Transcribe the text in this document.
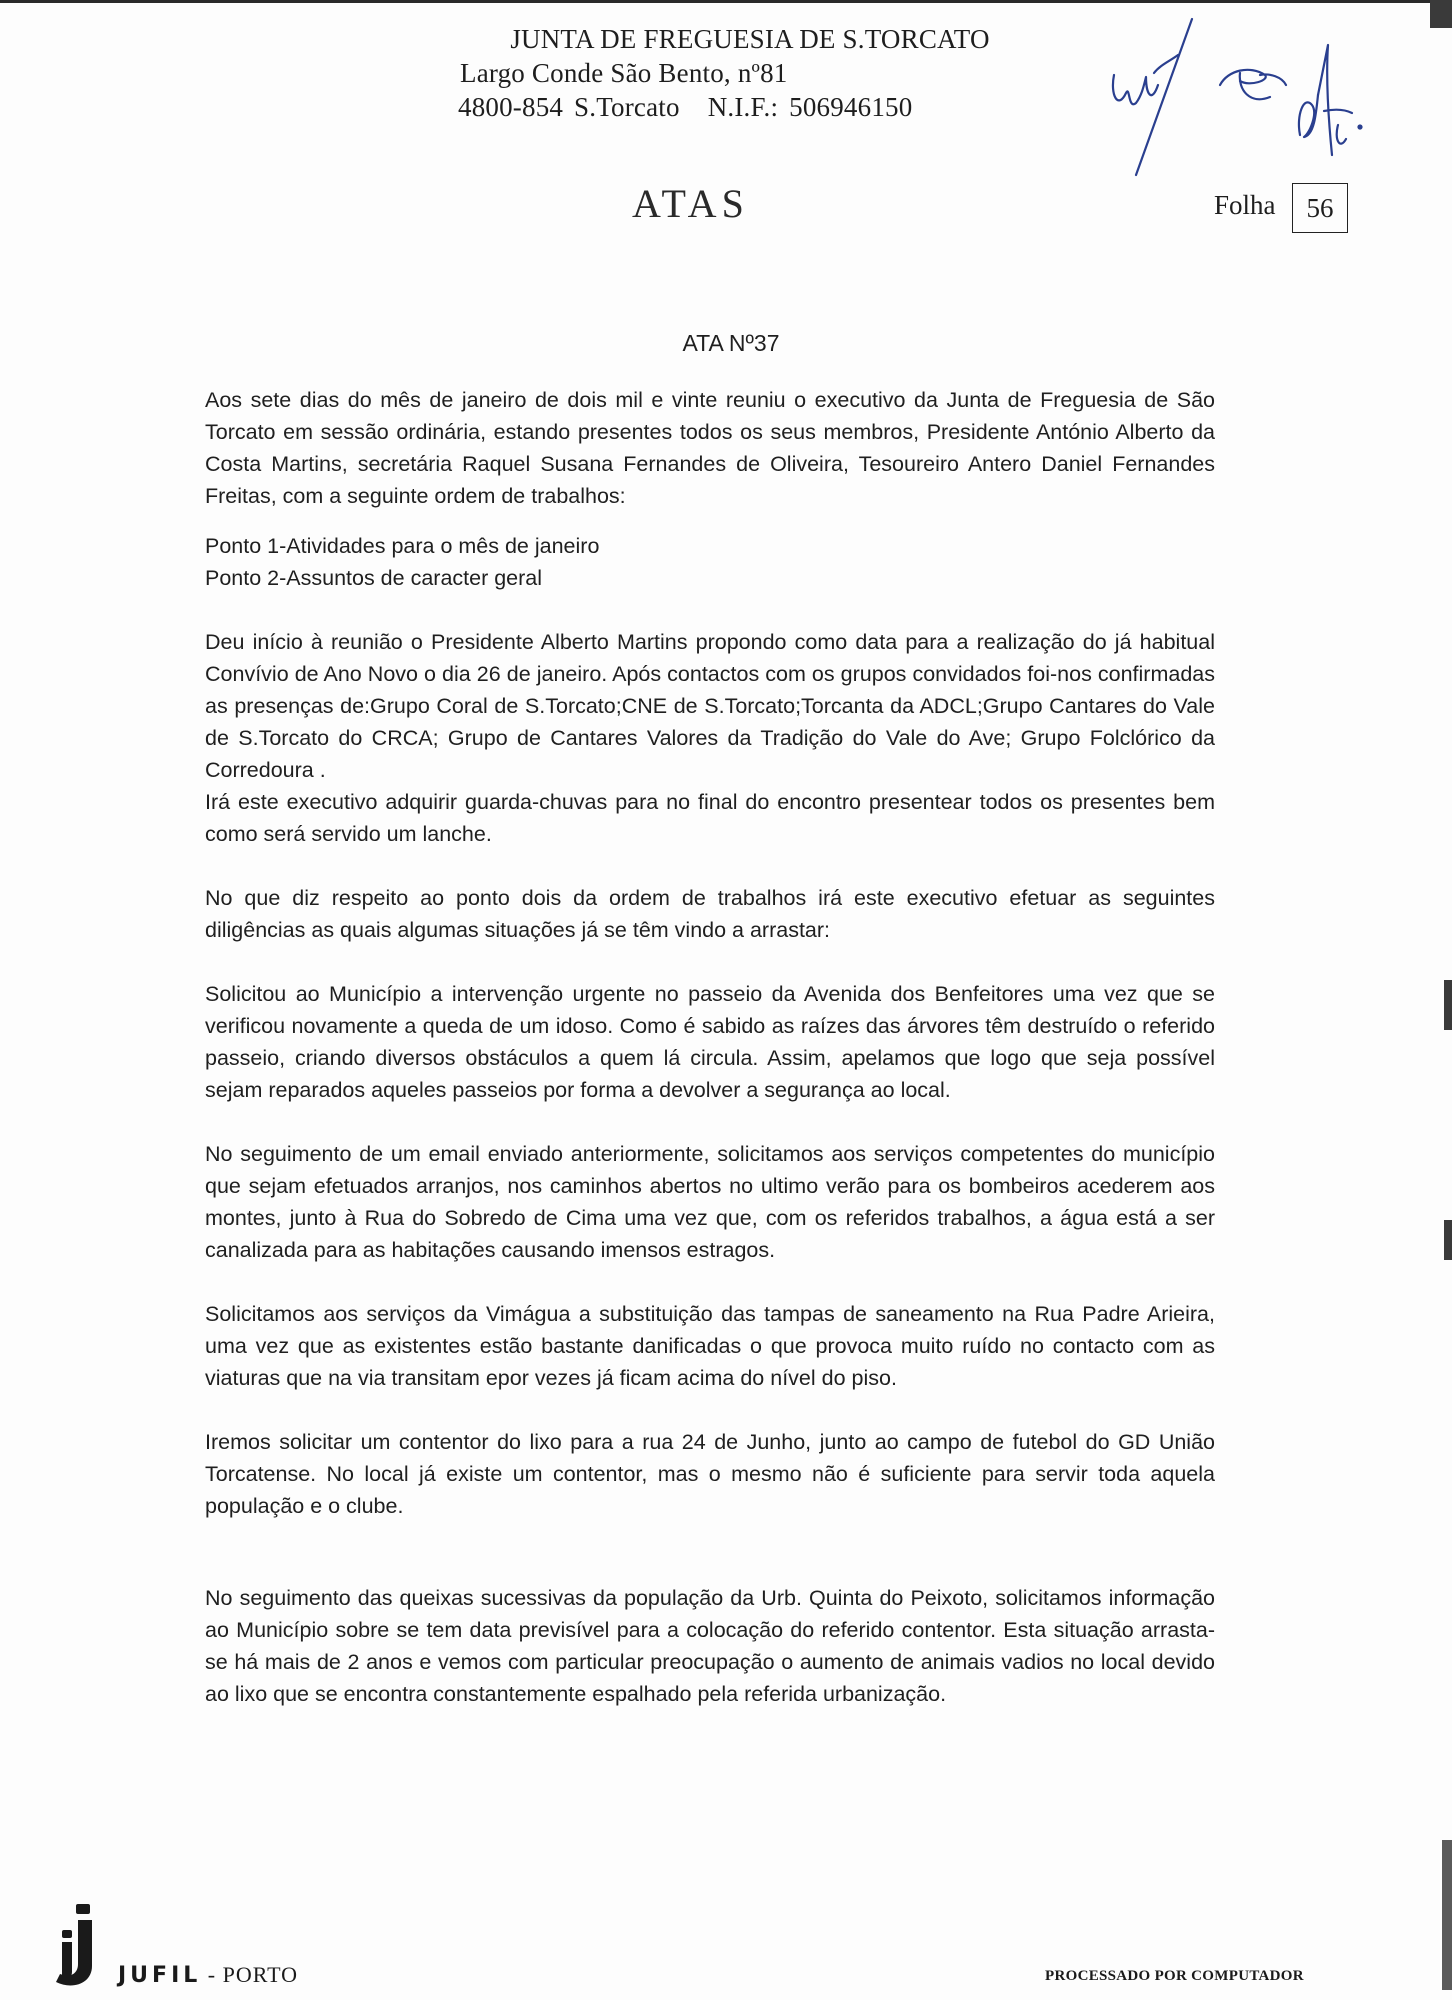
JUNTA DE FREGUESIA DE S.TORCATO
Largo Conde São Bento, nº81
4800-854 S.Torcato N.I.F.: 506946150
ATAS	Folha	56
ATA Nº37

Aos sete dias do mês de janeiro de dois mil e vinte reuniu o executivo da Junta de Freguesia de São Torcato em sessão ordinária, estando presentes todos os seus membros, Presidente António Alberto da Costa Martins, secretária Raquel Susana Fernandes de Oliveira, Tesoureiro Antero Daniel Fernandes Freitas, com a seguinte ordem de trabalhos:

Ponto 1-Atividades para o mês de janeiro

Ponto 2-Assuntos de caracter geral

Deu início à reunião o Presidente Alberto Martins propondo como data para a realização do já habitual Convívio de Ano Novo o dia 26 de janeiro. Após contactos com os grupos convidados foi-nos confirmadas as presenças de:Grupo Coral de S.Torcato;CNE de S.Torcato;Torcanta da ADCL;Grupo Cantares do Vale de S.Torcato do CRCA; Grupo de Cantares Valores da Tradição do Vale do Ave; Grupo Folclórico da Corredoura .

Irá este executivo adquirir guarda-chuvas para no final do encontro presentear todos os presentes bem como será servido um lanche.

No que diz respeito ao ponto dois da ordem de trabalhos irá este executivo efetuar as seguintes diligências as quais algumas situações já se têm vindo a arrastar:

Solicitou ao Município a intervenção urgente no passeio da Avenida dos Benfeitores uma vez que se verificou novamente a queda de um idoso. Como é sabido as raízes das árvores têm destruído o referido passeio, criando diversos obstáculos a quem lá circula. Assim, apelamos que logo que seja possível sejam reparados aqueles passeios por forma a devolver a segurança ao local.

No seguimento de um email enviado anteriormente, solicitamos aos serviços competentes do município que sejam efetuados arranjos, nos caminhos abertos no ultimo verão para os bombeiros acederem aos montes, junto à Rua do Sobredo de Cima uma vez que, com os referidos trabalhos, a água está a ser canalizada para as habitações causando imensos estragos.

Solicitamos aos serviços da Vimágua a substituição das tampas de saneamento na Rua Padre Arieira, uma vez que as existentes estão bastante danificadas o que provoca muito ruído no contacto com as viaturas que na via transitam epor vezes já ficam acima do nível do piso.

Iremos solicitar um contentor do lixo para a rua 24 de Junho, junto ao campo de futebol do GD União Torcatense. No local já existe um contentor, mas o mesmo não é suficiente para servir toda aquela população e o clube.

No seguimento das queixas sucessivas da população da Urb. Quinta do Peixoto, solicitamos informação ao Município sobre se tem data previsível para a colocação do referido contentor. Esta situação arrasta-se há mais de 2 anos e vemos com particular preocupação o aumento de animais vadios no local devido ao lixo que se encontra constantemente espalhado pela referida urbanização.

JUFIL - PORTO	PROCESSADO POR COMPUTADOR
